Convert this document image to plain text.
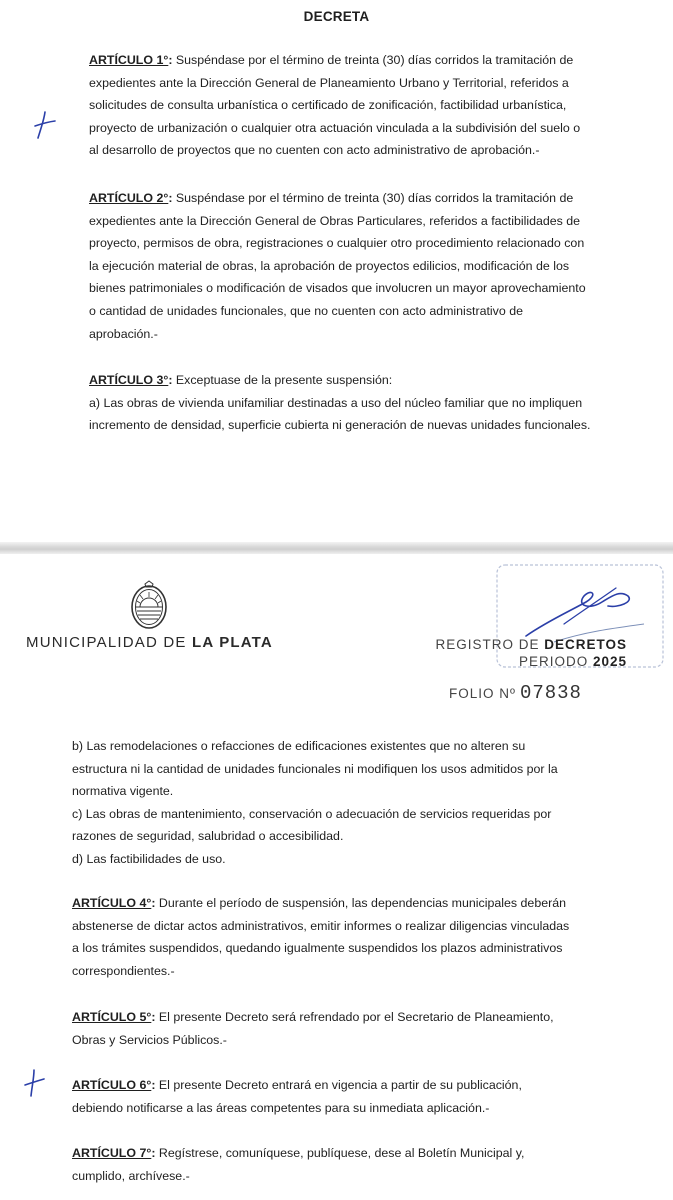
DECRETA

ARTÍCULO 1°: Suspéndase por el término de treinta (30) días corridos la tramitación de

expedientes ante la Dirección General de Planeamiento Urbano y Territorial, referidos a

solicitudes de consulta urbanística o certificado de zonificación, factibilidad urbanística,

proyecto de urbanización o cualquier otra actuación vinculada a la subdivisión del suelo o

al desarrollo de proyectos que no cuenten con acto administrativo de aprobación.-

ARTÍCULO 2°: Suspéndase por el término de treinta (30) días corridos la tramitación de

expedientes ante la Dirección General de Obras Particulares, referidos a factibilidades de

proyecto, permisos de obra, registraciones o cualquier otro procedimiento relacionado con

la ejecución material de obras, la aprobación de proyectos edilicios, modificación de los

bienes patrimoniales o modificación de visados que involucren un mayor aprovechamiento

o cantidad de unidades funcionales, que no cuenten con acto administrativo de

aprobación.-

ARTÍCULO 3°: Exceptuase de la presente suspensión:

a) Las obras de vivienda unifamiliar destinadas a uso del núcleo familiar que no impliquen

incremento de densidad, superficie cubierta ni generación de nuevas unidades funcionales.

MUNICIPALIDAD DE LA PLATA	REGISTRO DE DECRETOS
PERIODO 2025
FOLIO Nº 07838

b) Las remodelaciones o refacciones de edificaciones existentes que no alteren su

estructura ni la cantidad de unidades funcionales ni modifiquen los usos admitidos por la

normativa vigente.

c) Las obras de mantenimiento, conservación o adecuación de servicios requeridas por

razones de seguridad, salubridad o accesibilidad.

d) Las factibilidades de uso.

ARTÍCULO 4°: Durante el período de suspensión, las dependencias municipales deberán

abstenerse de dictar actos administrativos, emitir informes o realizar diligencias vinculadas

a los trámites suspendidos, quedando igualmente suspendidos los plazos administrativos

correspondientes.-

ARTÍCULO 5°: El presente Decreto será refrendado por el Secretario de Planeamiento,

Obras y Servicios Públicos.-

ARTÍCULO 6°: El presente Decreto entrará en vigencia a partir de su publicación,

debiendo notificarse a las áreas competentes para su inmediata aplicación.-

ARTÍCULO 7°: Regístrese, comuníquese, publíquese, dese al Boletín Municipal y,

cumplido, archívese.-
